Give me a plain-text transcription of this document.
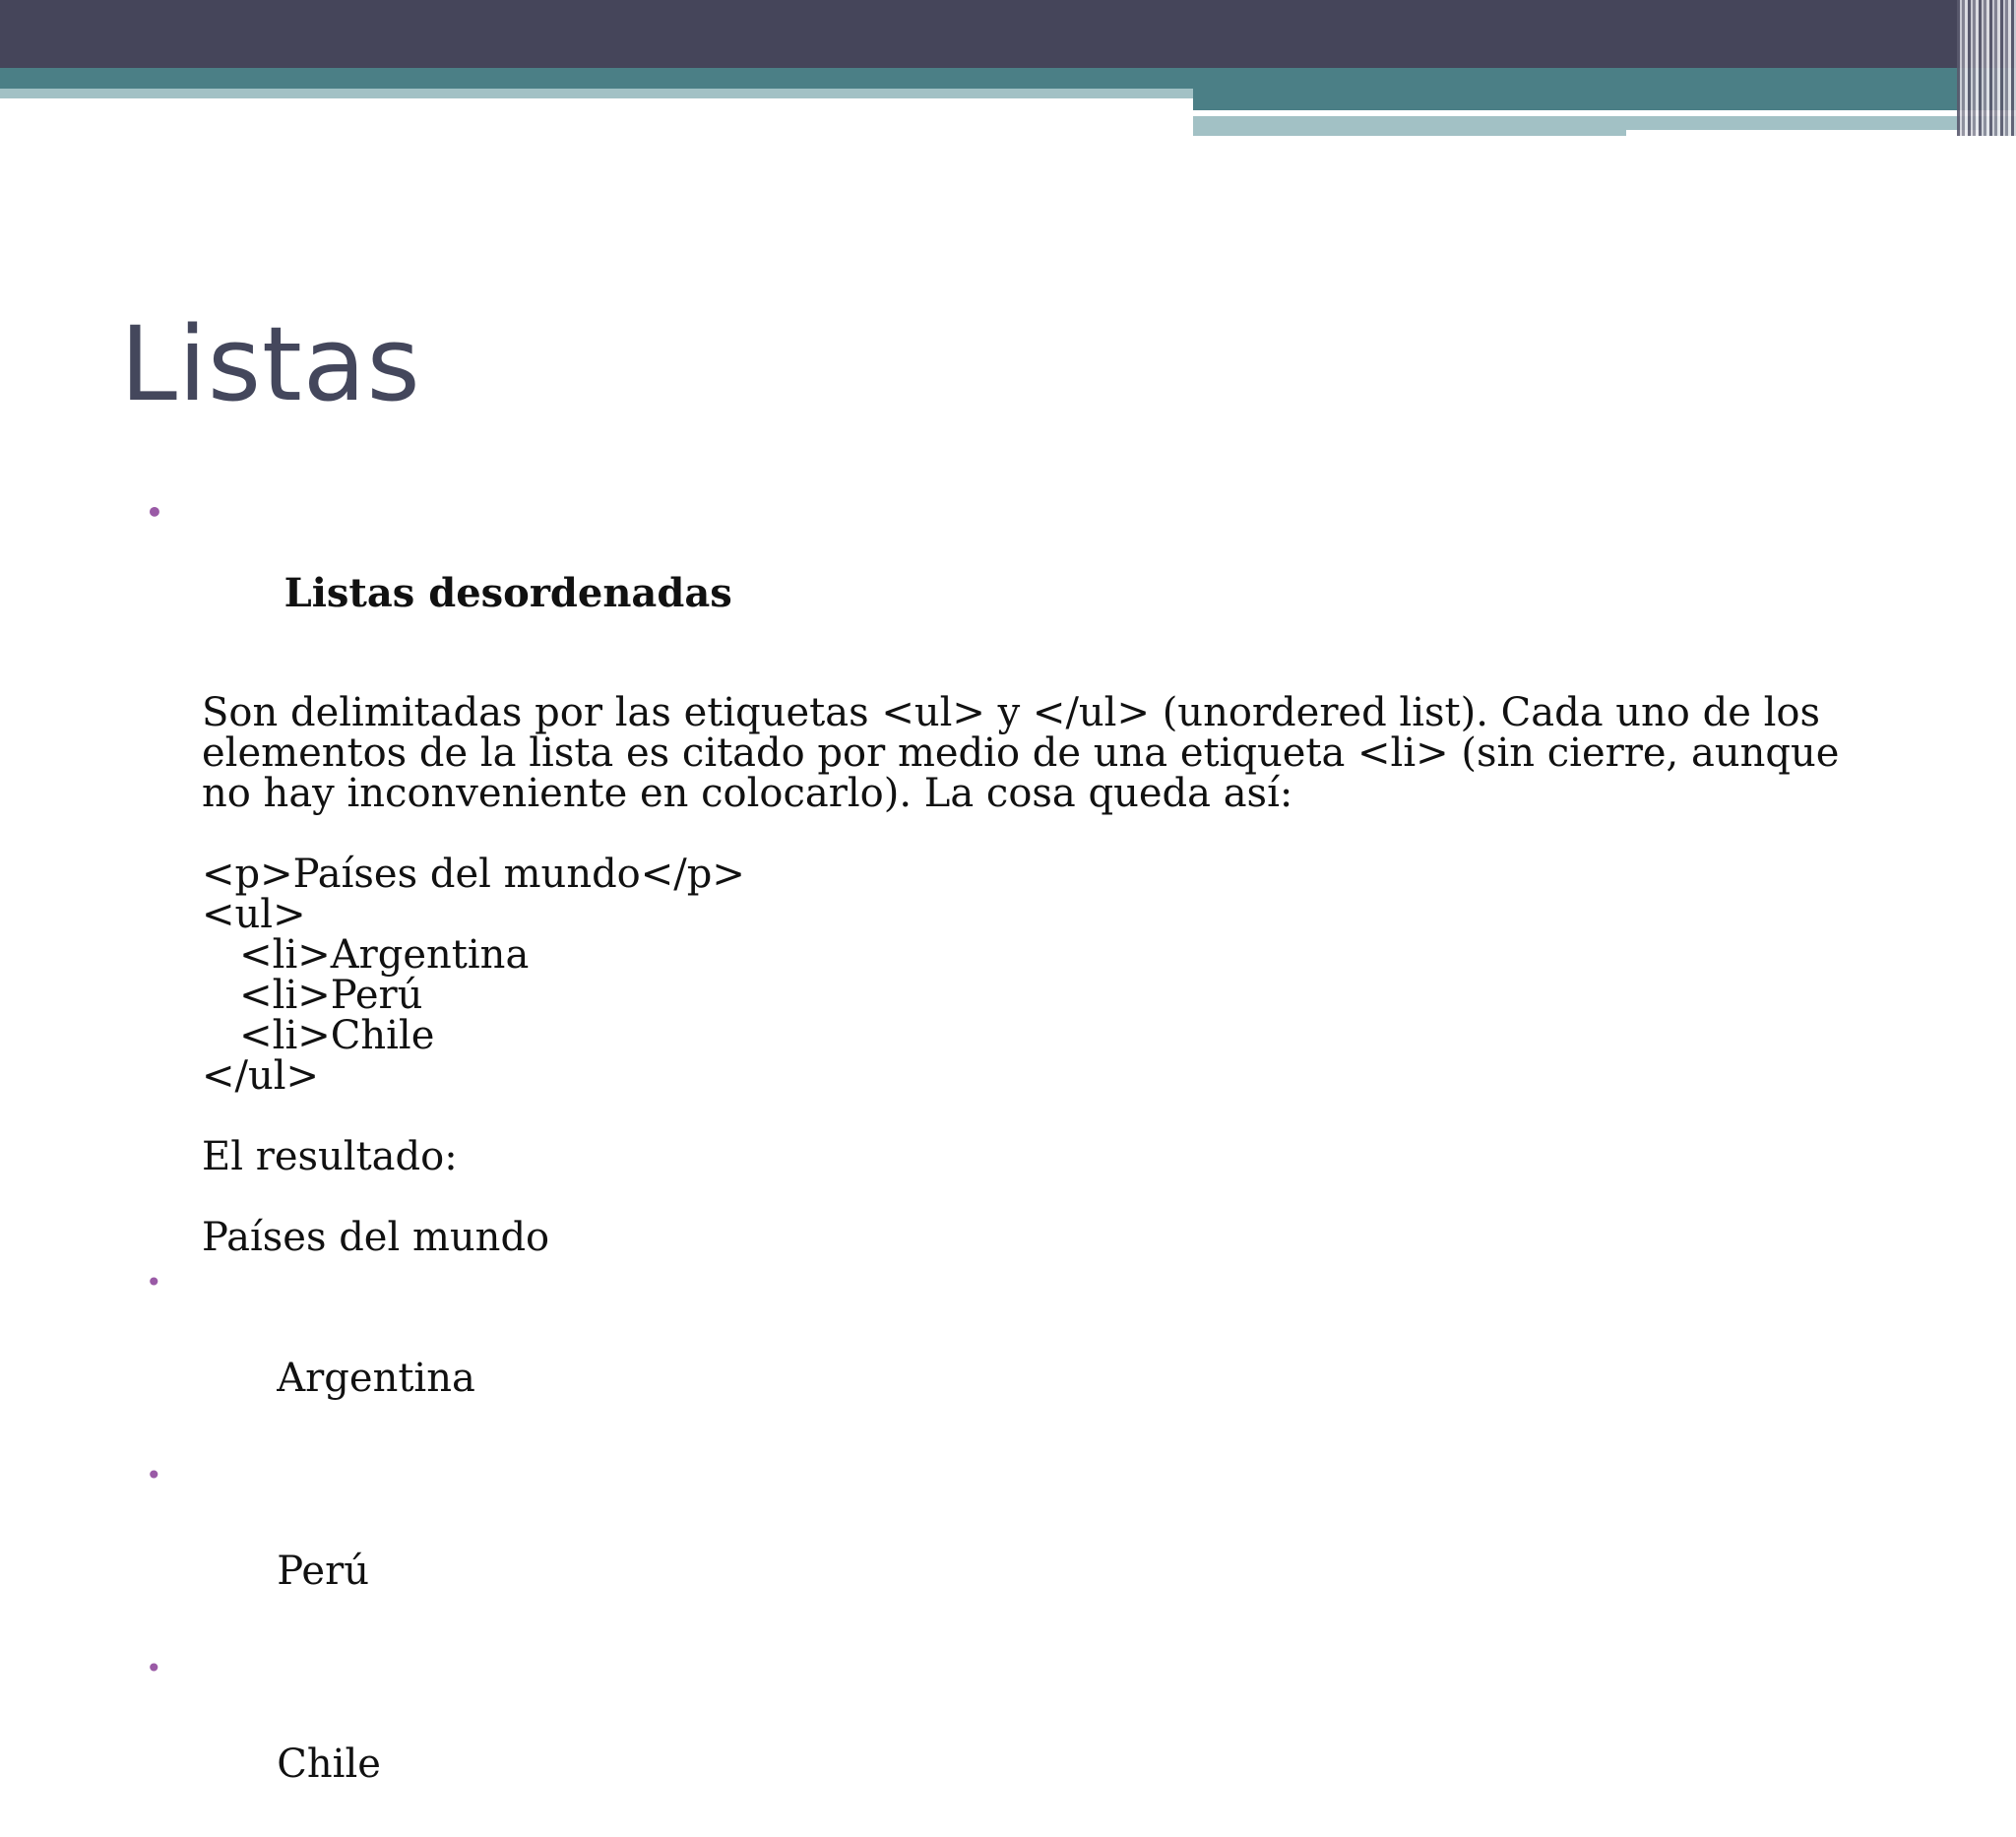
Listas

•

Listas desordenadas

Son delimitadas por las etiquetas <ul> y </ul> (unordered list). Cada uno de los elementos de la lista es citado por medio de una etiqueta <li> (sin cierre, aunque no hay inconveniente en colocarlo). La cosa queda así:
<p>Países del mundo</p>
<ul>
<li>Argentina
<li>Perú
<li>Chile
</ul>
El resultado:
Países del mundo

•

Argentina

•

Perú

•

Chile
